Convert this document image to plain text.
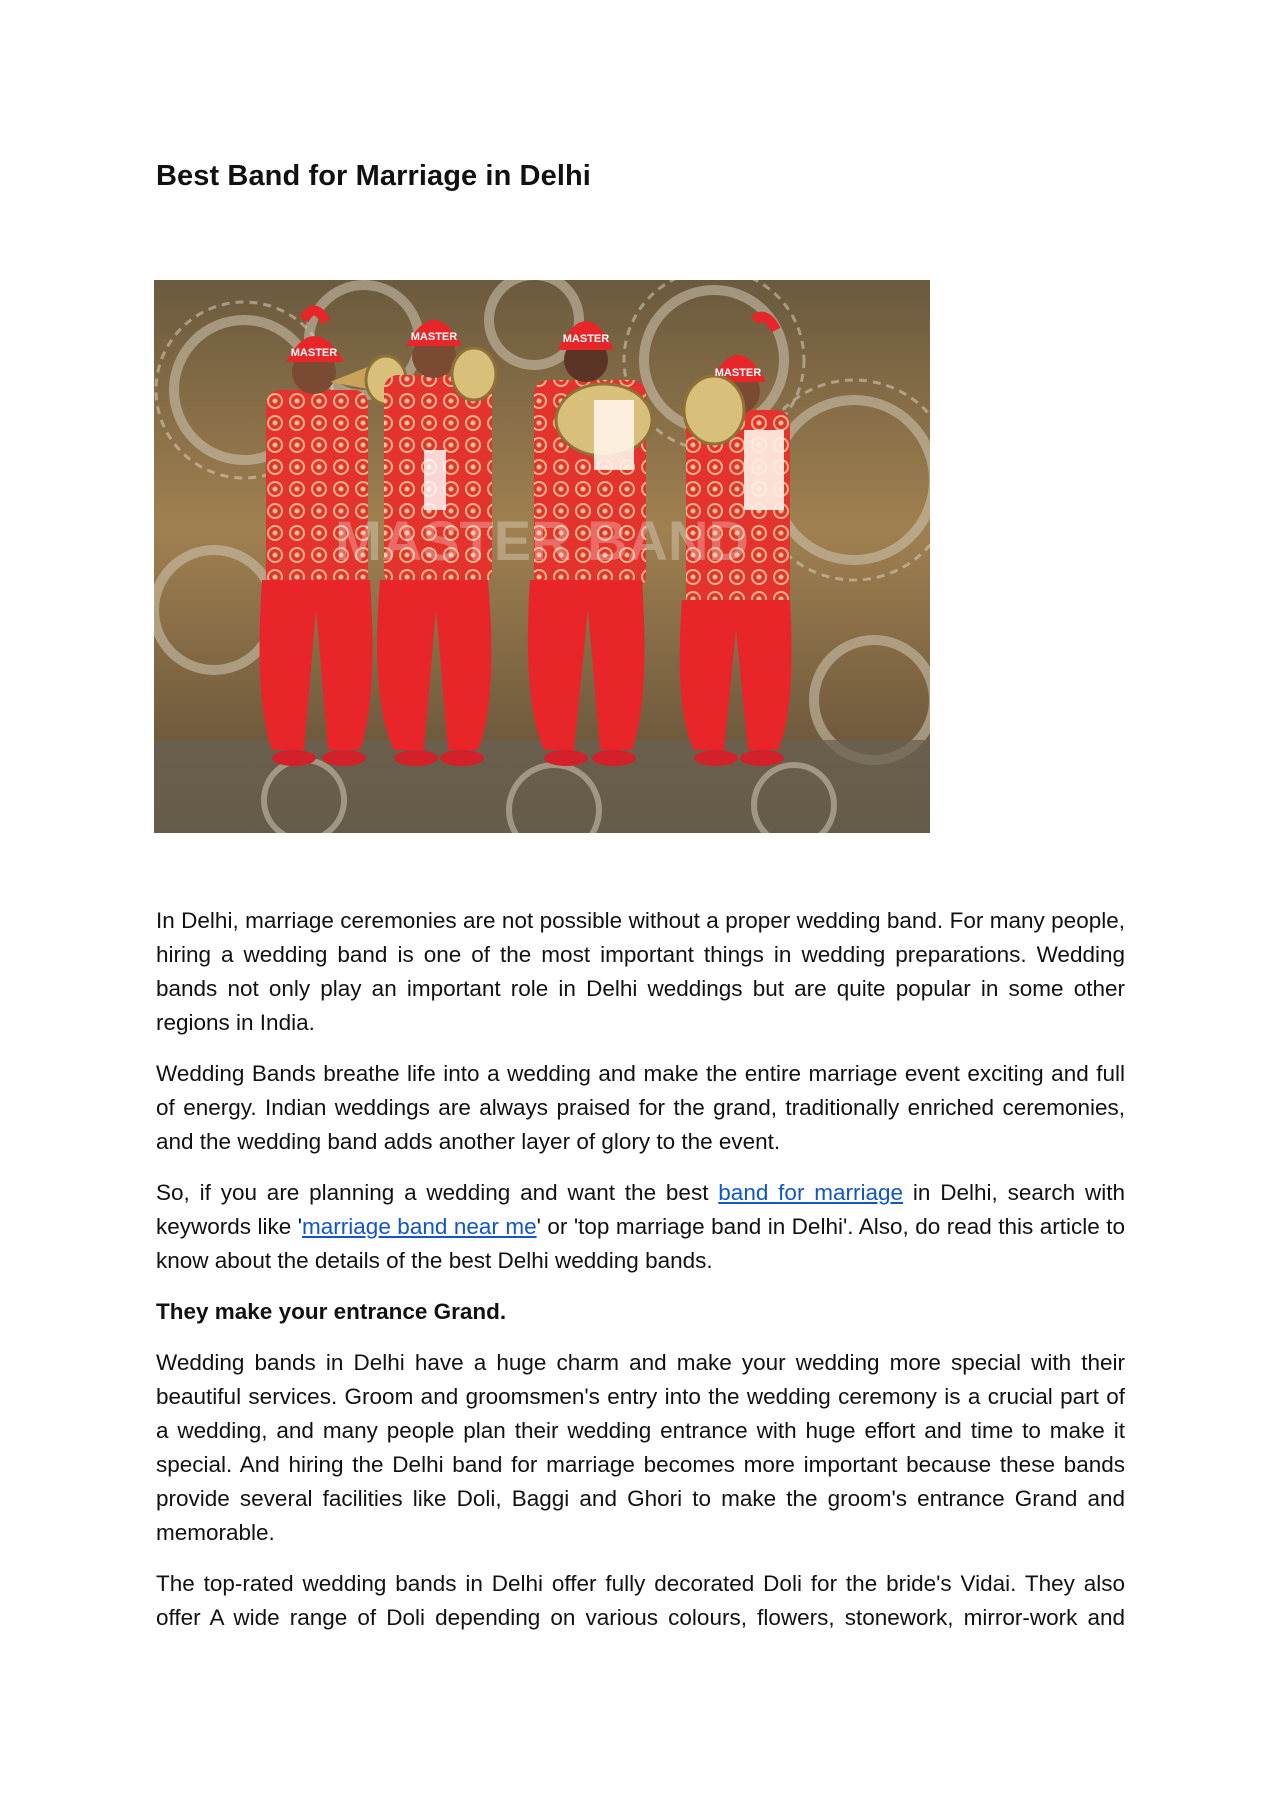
Best Band for Marriage in Delhi
MASTER
MASTER	MASTER
MASTER
MASTER BAND

In Delhi, marriage ceremonies are not possible without a proper wedding band. For many people, hiring a wedding band is one of the most important things in wedding preparations. Wedding bands not only play an important role in Delhi weddings but are quite popular in some other regions in India.

Wedding Bands breathe life into a wedding and make the entire marriage event exciting and full of energy. Indian weddings are always praised for the grand, traditionally enriched ceremonies, and the wedding band adds another layer of glory to the event.

So, if you are planning a wedding and want the best band for marriage in Delhi, search with keywords like 'marriage band near me' or 'top marriage band in Delhi'. Also, do read this article to know about the details of the best Delhi wedding bands.

They make your entrance Grand.

Wedding bands in Delhi have a huge charm and make your wedding more special with their beautiful services. Groom and groomsmen's entry into the wedding ceremony is a crucial part of a wedding, and many people plan their wedding entrance with huge effort and time to make it special. And hiring the Delhi band for marriage becomes more important because these bands provide several facilities like Doli, Baggi and Ghori to make the groom's entrance Grand and memorable.

The top-rated wedding bands in Delhi offer fully decorated Doli for the bride's Vidai. They also offer A wide range of Doli depending on various colours, flowers, stonework, mirror-work and
